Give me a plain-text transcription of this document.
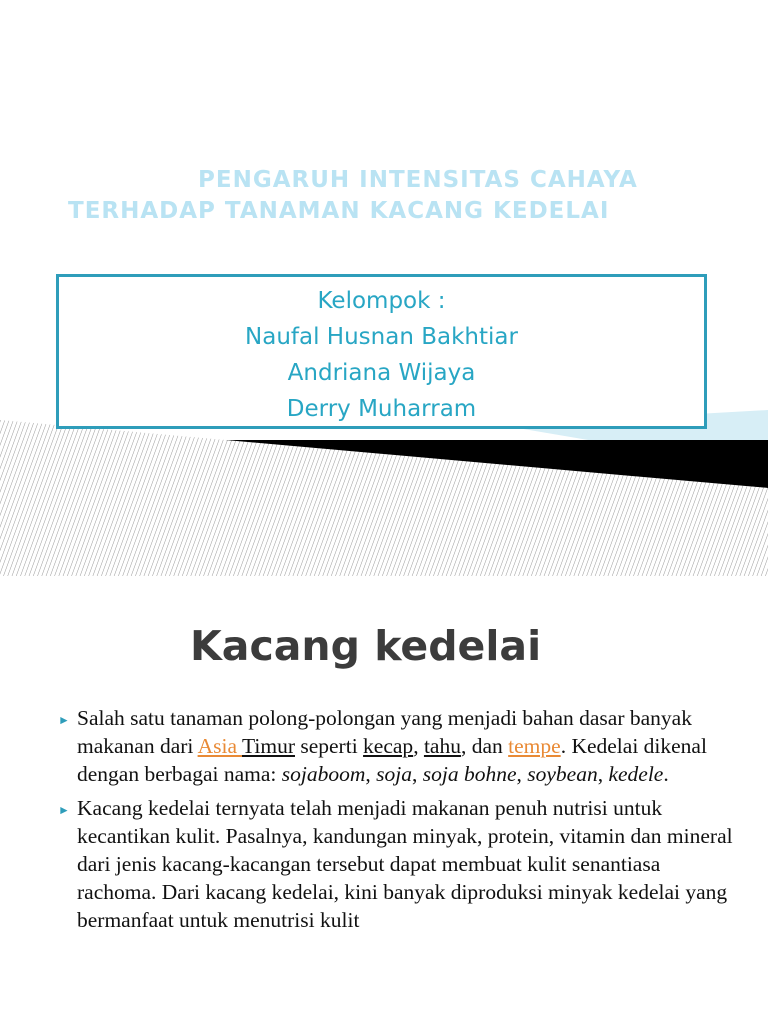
PENGARUH INTENSITAS CAHAYA
TERHADAP TANAMAN KACANG KEDELAI
Kelompok :
Naufal Husnan Bakhtiar
Andriana Wijaya
Derry Muharram
Kacang kedelai
► Salah satu tanaman polong-polongan yang menjadi bahan dasar banyak makanan dari Asia Timur seperti kecap, tahu, dan tempe. Kedelai dikenal dengan berbagai nama: sojaboom, soja, soja bohne, soybean, kedele.
► Kacang kedelai ternyata telah menjadi makanan penuh nutrisi untuk kecantikan kulit. Pasalnya, kandungan minyak, protein, vitamin dan mineral dari jenis kacang-kacangan tersebut dapat membuat kulit senantiasa rachoma. Dari kacang kedelai, kini banyak diproduksi minyak kedelai yang bermanfaat untuk menutrisi kulit
